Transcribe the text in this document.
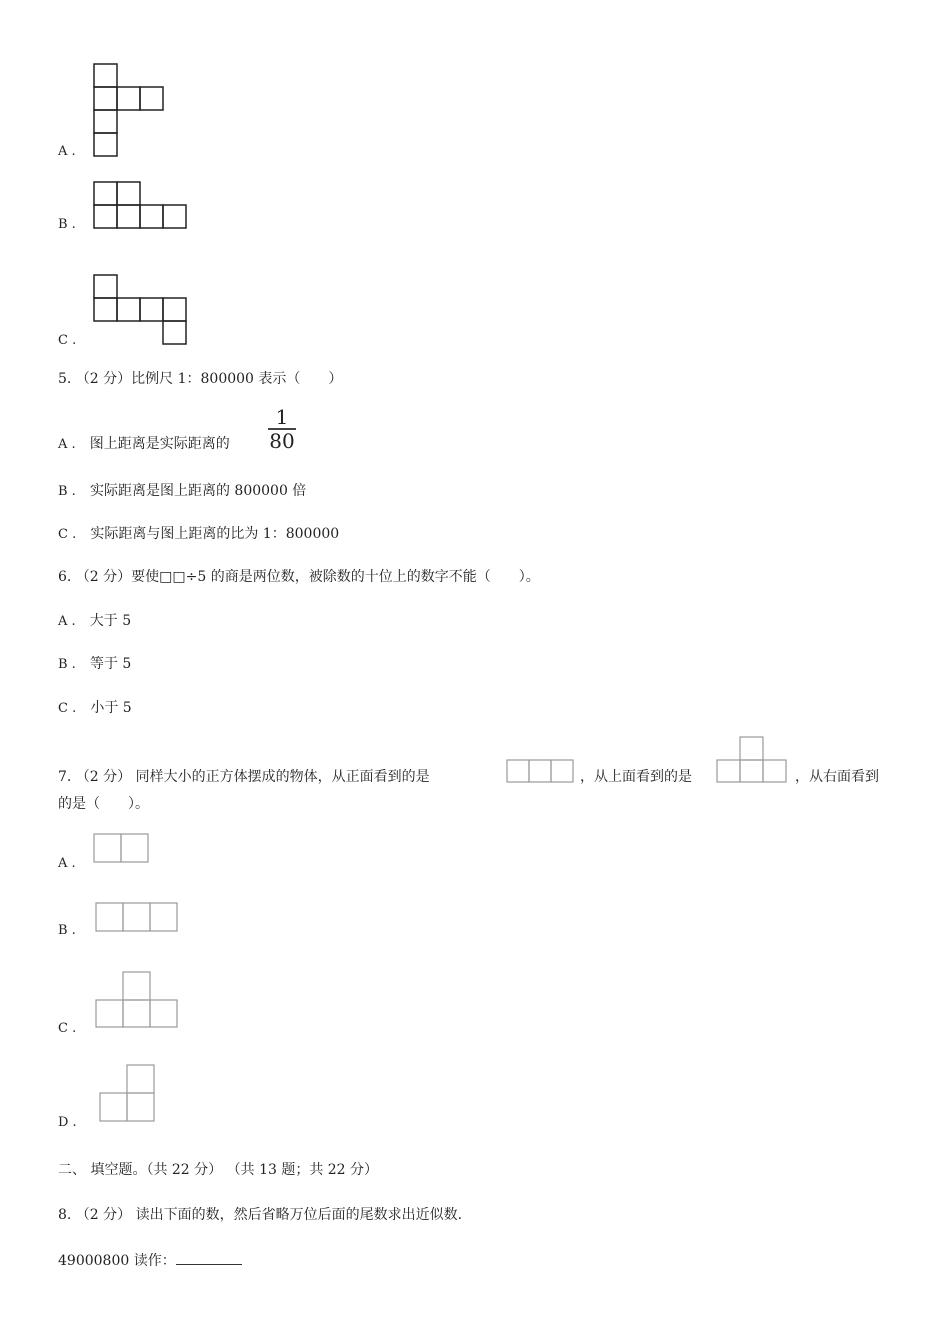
A .
B .
C .
5. （2 分）比例尺 1：800000 表示（　　）
A . 图上距离是实际距离的 $\frac{1}{80}$
B . 实际距离是图上距离的 800000 倍
C . 实际距离与图上距离的比为 1：800000
6. （2 分）要使□□÷5 的商是两位数，被除数的十位上的数字不能（　　）。
A . 大于 5
B . 等于 5
C . 小于 5
7. （2 分） 同样大小的正方体摆成的物体，从正面看到的是	，从上面看到的是	，从右面看到
的是（　　）。
A .
B .
C .
D .
二、 填空题。（共 22 分） （共 13 题；共 22 分）
8. （2 分） 读出下面的数，然后省略万位后面的尾数求出近似数.
49000800 读作：
